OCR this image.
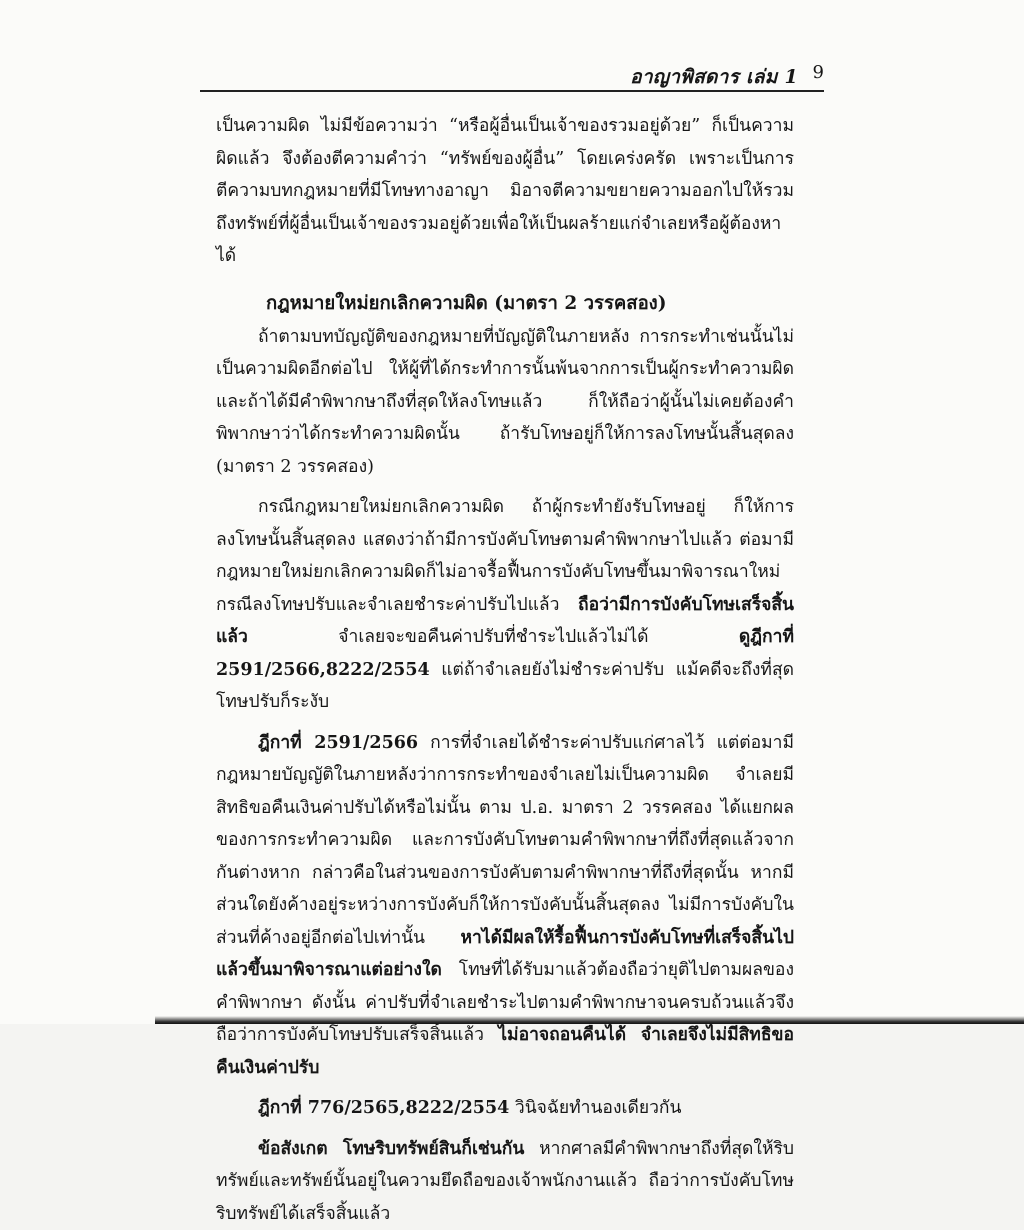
อาญาพิสดาร เล่ม 1 9

เป็นความผิด ไม่มีข้อความว่า “หรือผู้อื่นเป็นเจ้าของรวมอยู่ด้วย” ก็เป็นความผิดแล้ว จึงต้องตีความคำว่า “ทรัพย์ของผู้อื่น” โดยเคร่งครัด เพราะเป็นการตีความบทกฎหมายที่มีโทษทางอาญา มิอาจตีความขยายความออกไปให้รวมถึงทรัพย์ที่ผู้อื่นเป็นเจ้าของรวมอยู่ด้วยเพื่อให้เป็นผลร้ายแก่จำเลยหรือผู้ต้องหาได้

กฎหมายใหม่ยกเลิกความผิด (มาตรา 2 วรรคสอง)

ถ้าตามบทบัญญัติของกฎหมายที่บัญญัติในภายหลัง การกระทำเช่นนั้นไม่เป็นความผิดอีกต่อไป ให้ผู้ที่ได้กระทำการนั้นพ้นจากการเป็นผู้กระทำความผิด และถ้าได้มีคำพิพากษาถึงที่สุดให้ลงโทษแล้ว ก็ให้ถือว่าผู้นั้นไม่เคยต้องคำพิพากษาว่าได้กระทำความผิดนั้น ถ้ารับโทษอยู่ก็ให้การลงโทษนั้นสิ้นสุดลง (มาตรา 2 วรรคสอง)

กรณีกฎหมายใหม่ยกเลิกความผิด ถ้าผู้กระทำยังรับโทษอยู่ ก็ให้การลงโทษนั้นสิ้นสุดลง แสดงว่าถ้ามีการบังคับโทษตามคำพิพากษาไปแล้ว ต่อมามีกฎหมายใหม่ยกเลิกความผิดก็ไม่อาจรื้อฟื้นการบังคับโทษขึ้นมาพิจารณาใหม่ กรณีลงโทษปรับและจำเลยชำระค่าปรับไปแล้ว ถือว่ามีการบังคับโทษเสร็จสิ้นแล้ว จำเลยจะขอคืนค่าปรับที่ชำระไปแล้วไม่ได้ ดูฎีกาที่ 2591/2566,8222/2554 แต่ถ้าจำเลยยังไม่ชำระค่าปรับ แม้คดีจะถึงที่สุด โทษปรับก็ระงับ

ฎีกาที่ 2591/2566 การที่จำเลยได้ชำระค่าปรับแก่ศาลไว้ แต่ต่อมามีกฎหมายบัญญัติในภายหลังว่าการกระทำของจำเลยไม่เป็นความผิด จำเลยมีสิทธิขอคืนเงินค่าปรับได้หรือไม่นั้น ตาม ป.อ. มาตรา 2 วรรคสอง ได้แยกผลของการกระทำความผิด และการบังคับโทษตามคำพิพากษาที่ถึงที่สุดแล้วจากกันต่างหาก กล่าวคือในส่วนของการบังคับตามคำพิพากษาที่ถึงที่สุดนั้น หากมีส่วนใดยังค้างอยู่ระหว่างการบังคับก็ให้การบังคับนั้นสิ้นสุดลง ไม่มีการบังคับในส่วนที่ค้างอยู่อีกต่อไปเท่านั้น หาได้มีผลให้รื้อฟื้นการบังคับโทษที่เสร็จสิ้นไปแล้วขึ้นมาพิจารณาแต่อย่างใด โทษที่ได้รับมาแล้วต้องถือว่ายุติไปตามผลของคำพิพากษา ดังนั้น ค่าปรับที่จำเลยชำระไปตามคำพิพากษาจนครบถ้วนแล้วจึงถือว่าการบังคับโทษปรับเสร็จสิ้นแล้ว ไม่อาจถอนคืนได้ จำเลยจึงไม่มีสิทธิขอคืนเงินค่าปรับ

ฎีกาที่ 776/2565,8222/2554 วินิจฉัยทำนองเดียวกัน

ข้อสังเกต โทษริบทรัพย์สินก็เช่นกัน หากศาลมีคำพิพากษาถึงที่สุดให้ริบทรัพย์และทรัพย์นั้นอยู่ในความยึดถือของเจ้าพนักงานแล้ว ถือว่าการบังคับโทษริบทรัพย์ได้เสร็จสิ้นแล้ว
